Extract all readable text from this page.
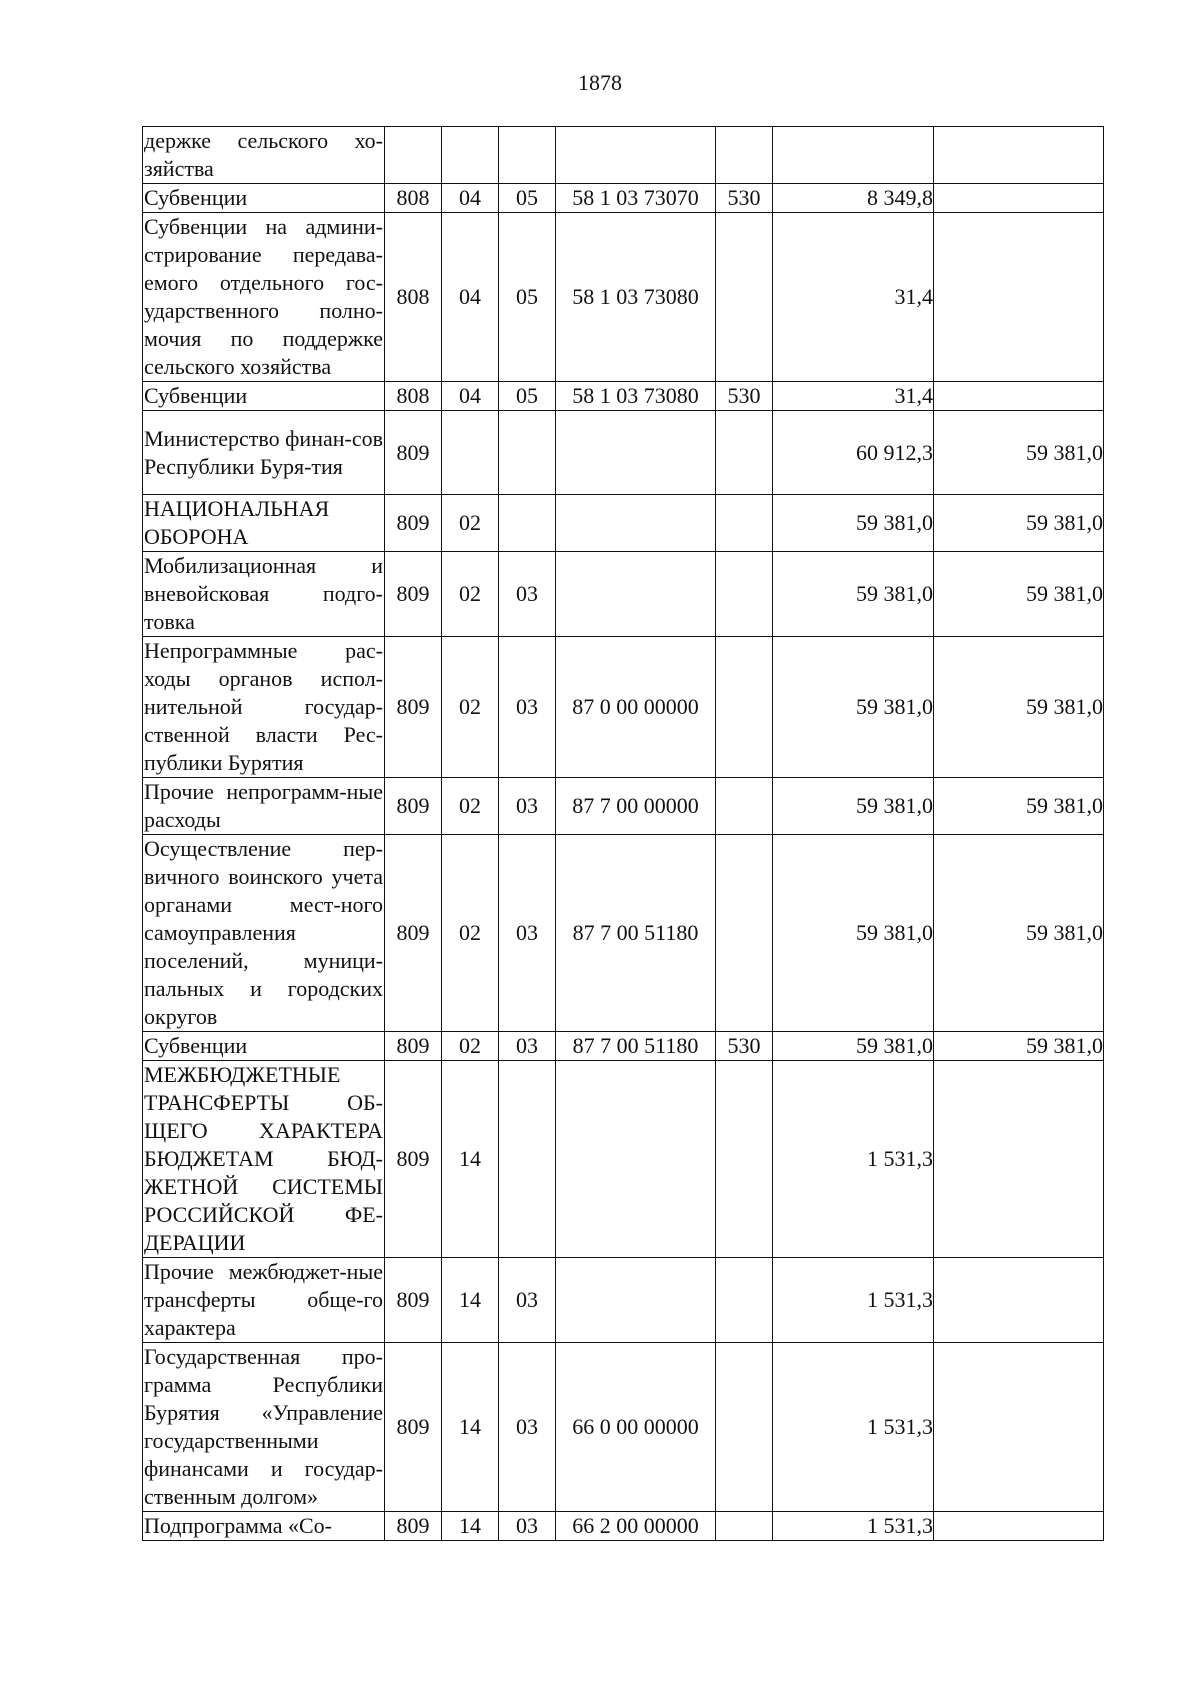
1878
держке сельского хо-зяйства							
Субвенции	808	04	05	58 1 03 73070	530	8 349,8	
Субвенции на админи-стрирование передава-емого отдельного гос-ударственного полно-мочия по поддержке сельского хозяйства	808	04	05	58 1 03 73080		31,4	
Субвенции	808	04	05	58 1 03 73080	530	31,4	
Министерство финан-сов Республики Буря-тия	809					60 912,3	59 381,0
НАЦИОНАЛЬНАЯ ОБОРОНА	809	02				59 381,0	59 381,0
Мобилизационная и вневойсковая подго-товка	809	02	03			59 381,0	59 381,0
Непрограммные рас-ходы органов испол-нительной государ-ственной власти Рес-публики Бурятия	809	02	03	87 0 00 00000		59 381,0	59 381,0
Прочие непрограмм-ные расходы	809	02	03	87 7 00 00000		59 381,0	59 381,0
Осуществление пер-вичного воинского учета органами мест-ного самоуправления поселений, муници-пальных и городских округов	809	02	03	87 7 00 51180		59 381,0	59 381,0
Субвенции	809	02	03	87 7 00 51180	530	59 381,0	59 381,0
МЕЖБЮДЖЕТНЫЕ ТРАНСФЕРТЫ ОБ-ЩЕГО ХАРАКТЕРА БЮДЖЕТАМ БЮД-ЖЕТНОЙ СИСТЕМЫ РОССИЙСКОЙ ФЕ-ДЕРАЦИИ	809	14				1 531,3	
Прочие межбюджет-ные трансферты обще-го характера	809	14	03			1 531,3	
Государственная про-грамма Республики Бурятия «Управление государственными финансами и государ-ственным долгом»	809	14	03	66 0 00 00000		1 531,3	
Подпрограмма «Со-	809	14	03	66 2 00 00000		1 531,3	
